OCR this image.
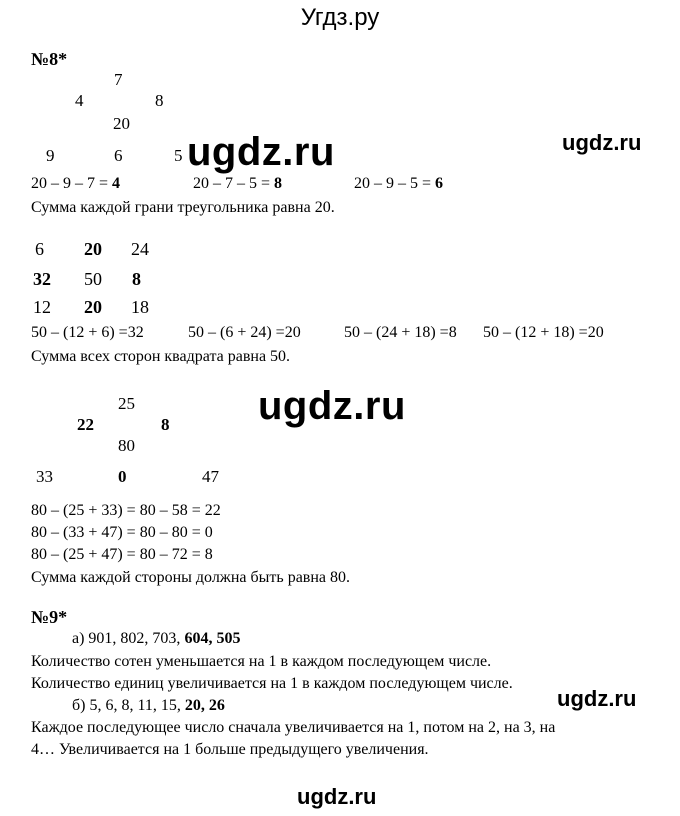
Угдз.ру
№8*
7
4	8
20
9	6	5 ugdz.ru	ugdz.ru
20 – 9 – 7 = 4	20 – 7 – 5 = 8	20 – 9 – 5 = 6
Сумма каждой грани треугольника равна 20.
6 20 24
32 50 8
12 20 18
50 – (12 + 6) =32	50 – (6 + 24) =20	50 – (24 + 18) =8 50 – (12 + 18) =20
Сумма всех сторон квадрата равна 50.
25
22	8
80
33	0	47
ugdz.ru
80 – (25 + 33) = 80 – 58 = 22
80 – (33 + 47) = 80 – 80 = 0
80 – (25 + 47) = 80 – 72 = 8
Сумма каждой стороны должна быть равна 80.
№9*
а) 901, 802, 703, 604, 505
Количество сотен уменьшается на 1 в каждом последующем числе.
Количество единиц увеличивается на 1 в каждом последующем числе.
ugdz.ru
б) 5, 6, 8, 11, 15, 20, 26
Каждое последующее число сначала увеличивается на 1, потом на 2, на 3, на
4… Увеличивается на 1 больше предыдущего увеличения.
ugdz.ru
